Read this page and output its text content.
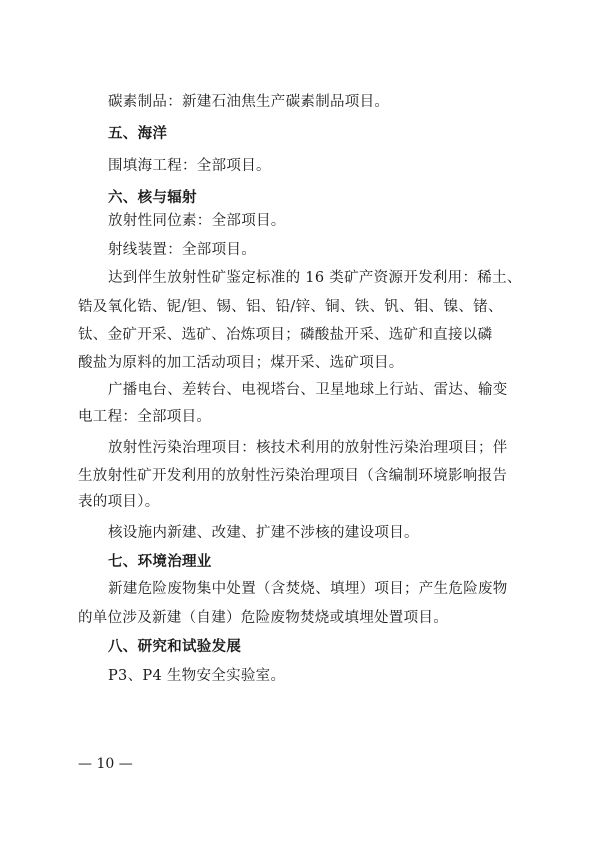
碳素制品：新建石油焦生产碳素制品项目。
五、海洋
围填海工程：全部项目。
六、核与辐射
放射性同位素：全部项目。
射线装置：全部项目。
达到伴生放射性矿鉴定标准的 16 类矿产资源开发利用：稀土、
锆及氧化锆、铌/钽、锡、铝、铅/锌、铜、铁、钒、钼、镍、锗、
钛、金矿开采、选矿、冶炼项目；磷酸盐开采、选矿和直接以磷
酸盐为原料的加工活动项目；煤开采、选矿项目。
广播电台、差转台、电视塔台、卫星地球上行站、雷达、输变
电工程：全部项目。
放射性污染治理项目：核技术利用的放射性污染治理项目；伴
生放射性矿开发利用的放射性污染治理项目（含编制环境影响报告
表的项目）。
核设施内新建、改建、扩建不涉核的建设项目。
七、环境治理业
新建危险废物集中处置（含焚烧、填埋）项目；产生危险废物
的单位涉及新建（自建）危险废物焚烧或填埋处置项目。
八、研究和试验发展
P3、P4 生物安全实验室。
— 10 —
